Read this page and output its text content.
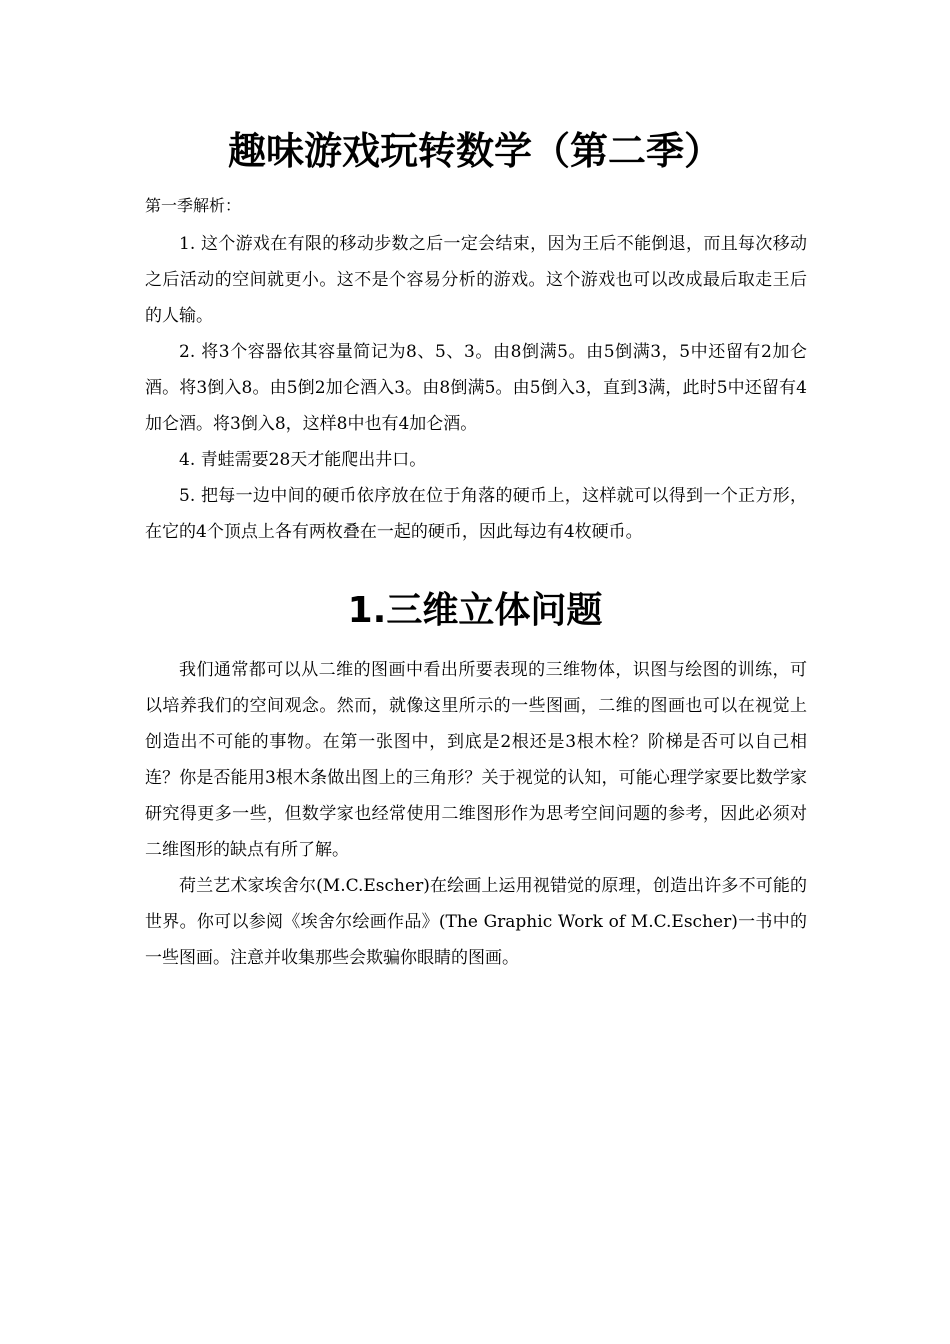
趣味游戏玩转数学（第二季）
第一季解析：

1. 这个游戏在有限的移动步数之后一定会结束，因为王后不能倒退，而且每次移动之后活动的空间就更小。这不是个容易分析的游戏。这个游戏也可以改成最后取走王后的人输。

2. 将3个容器依其容量简记为8、5、3。由8倒满5。由5倒满3，5中还留有2加仑酒。将3倒入8。由5倒2加仑酒入3。由8倒满5。由5倒入3，直到3满，此时5中还留有4加仑酒。将3倒入8，这样8中也有4加仑酒。

4. 青蛙需要28天才能爬出井口。

5. 把每一边中间的硬币依序放在位于角落的硬币上，这样就可以得到一个正方形，在它的4个顶点上各有两枚叠在一起的硬币，因此每边有4枚硬币。

1.三维立体问题

我们通常都可以从二维的图画中看出所要表现的三维物体，识图与绘图的训练，可以培养我们的空间观念。然而，就像这里所示的一些图画，二维的图画也可以在视觉上创造出不可能的事物。在第一张图中，到底是2根还是3根木栓？阶梯是否可以自己相连？你是否能用3根木条做出图上的三角形？关于视觉的认知，可能心理学家要比数学家研究得更多一些，但数学家也经常使用二维图形作为思考空间问题的参考，因此必须对二维图形的缺点有所了解。

荷兰艺术家埃舍尔(M.C.Escher)在绘画上运用视错觉的原理，创造出许多不可能的世界。你可以参阅《埃舍尔绘画作品》(The Graphic Work of M.C.Escher)一书中的一些图画。注意并收集那些会欺骗你眼睛的图画。
